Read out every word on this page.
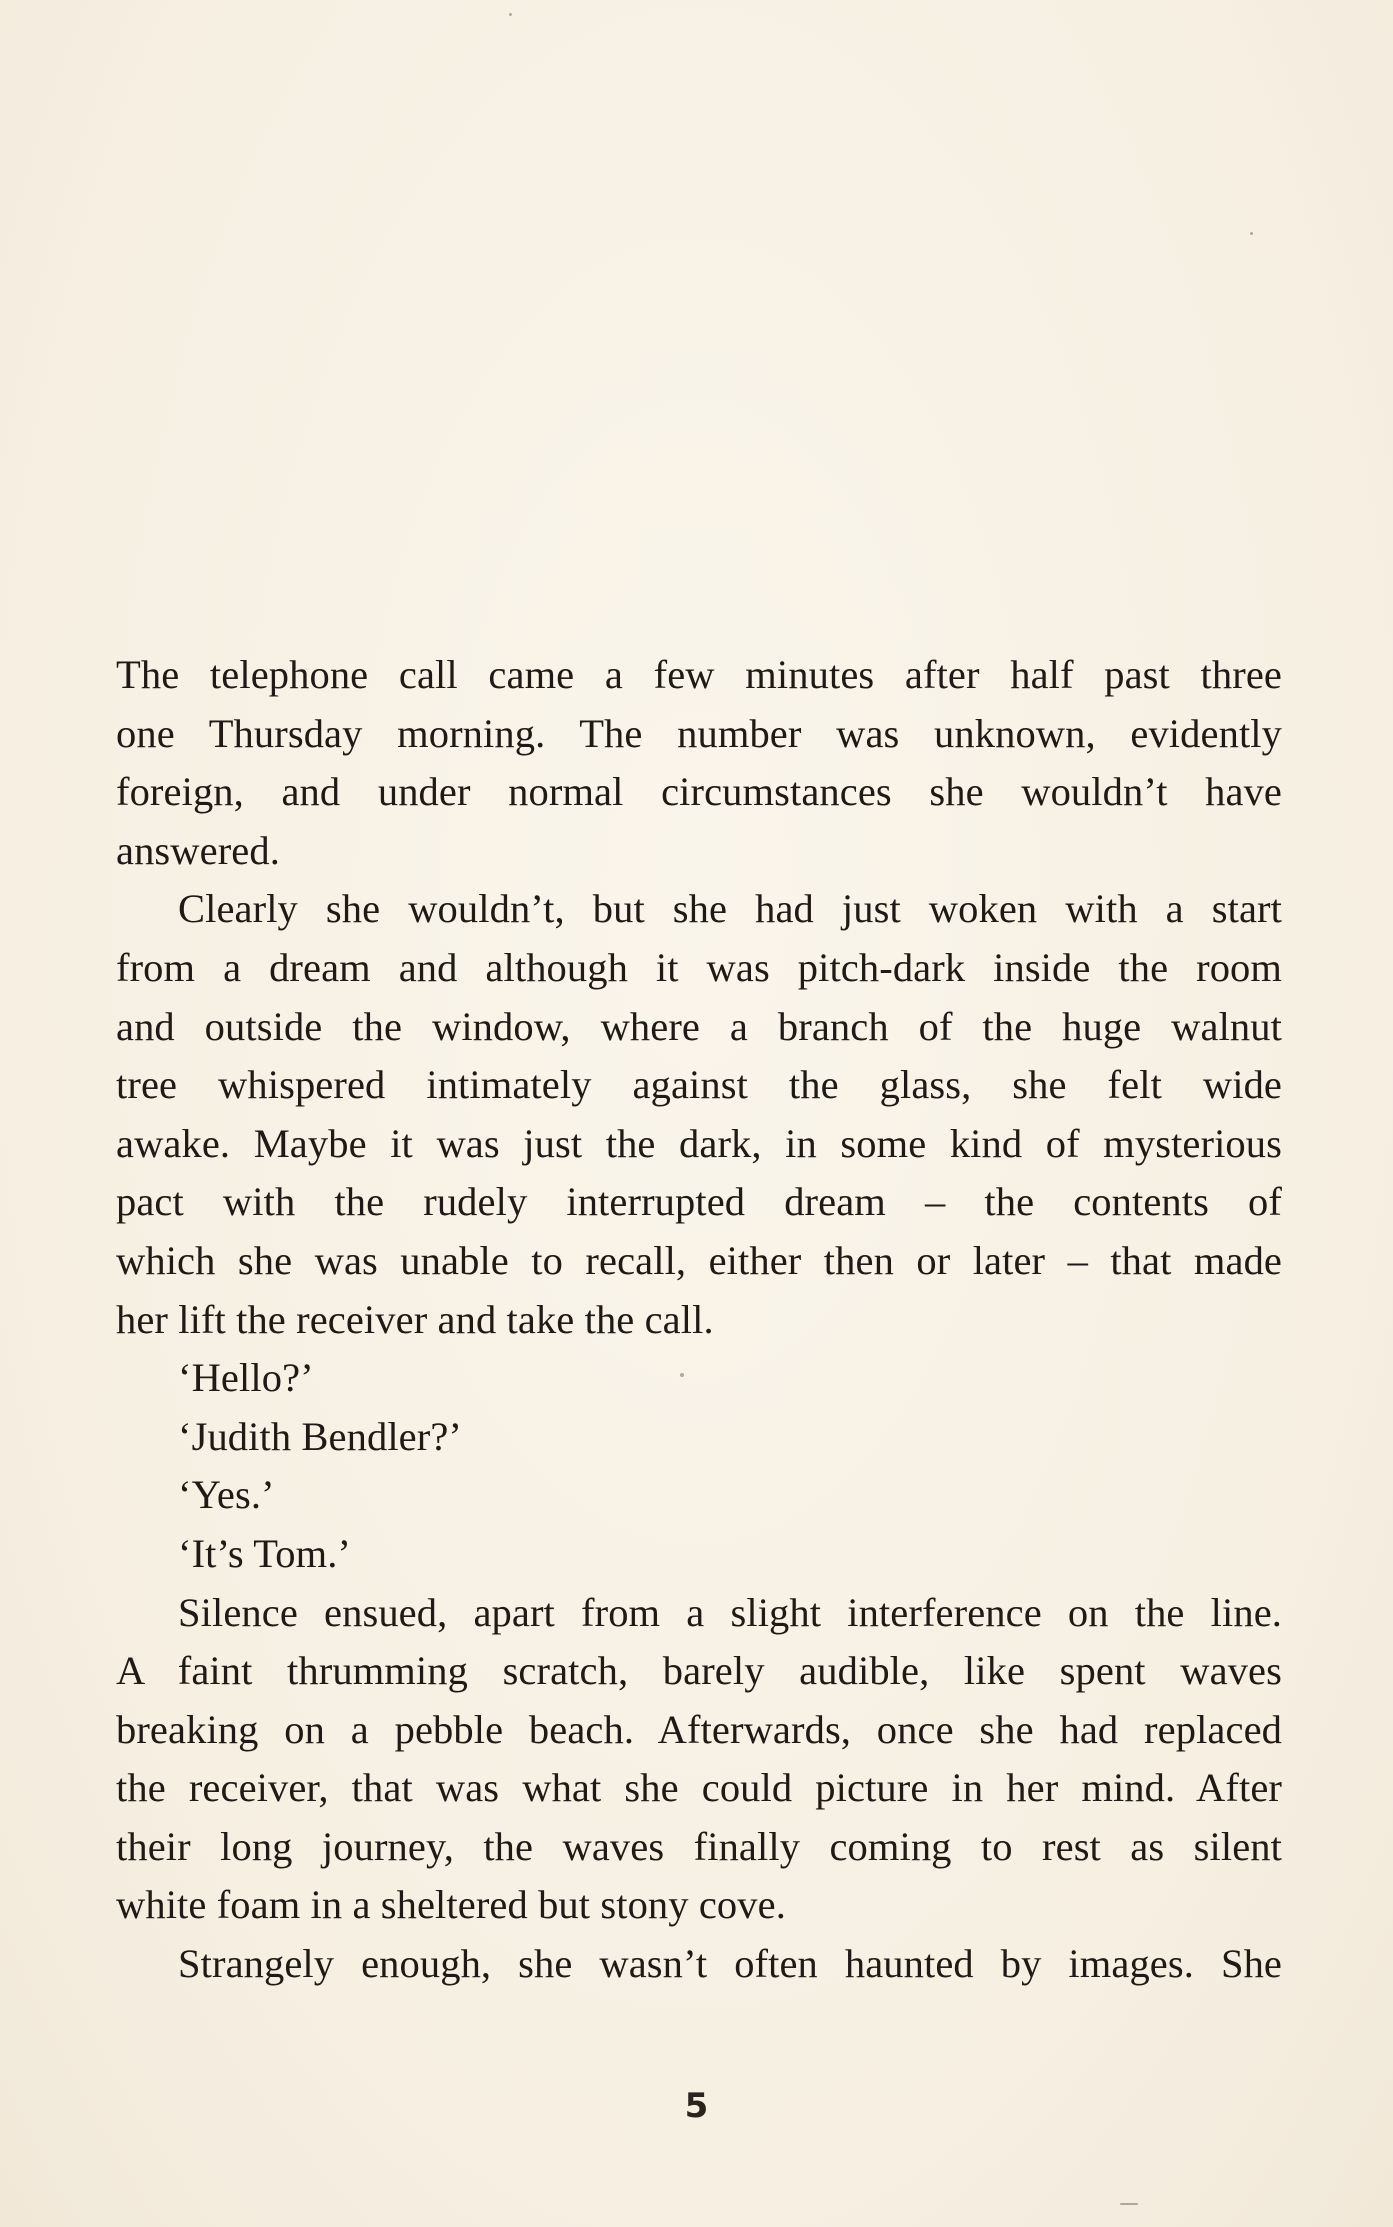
The telephone call came a few minutes after half past three

one Thursday morning. The number was unknown, evidently

foreign, and under normal circumstances she wouldn’t have

answered.

Clearly she wouldn’t, but she had just woken with a start

from a dream and although it was pitch-dark inside the room

and outside the window, where a branch of the huge walnut

tree whispered intimately against the glass, she felt wide

awake. Maybe it was just the dark, in some kind of mysterious

pact with the rudely interrupted dream – the contents of

which she was unable to recall, either then or later – that made

her lift the receiver and take the call.

‘Hello?’

‘Judith Bendler?’

‘Yes.’

‘It’s Tom.’

Silence ensued, apart from a slight interference on the line.

A faint thrumming scratch, barely audible, like spent waves

breaking on a pebble beach. Afterwards, once she had replaced

the receiver, that was what she could picture in her mind. After

their long journey, the waves finally coming to rest as silent

white foam in a sheltered but stony cove.

Strangely enough, she wasn’t often haunted by images. She

5
